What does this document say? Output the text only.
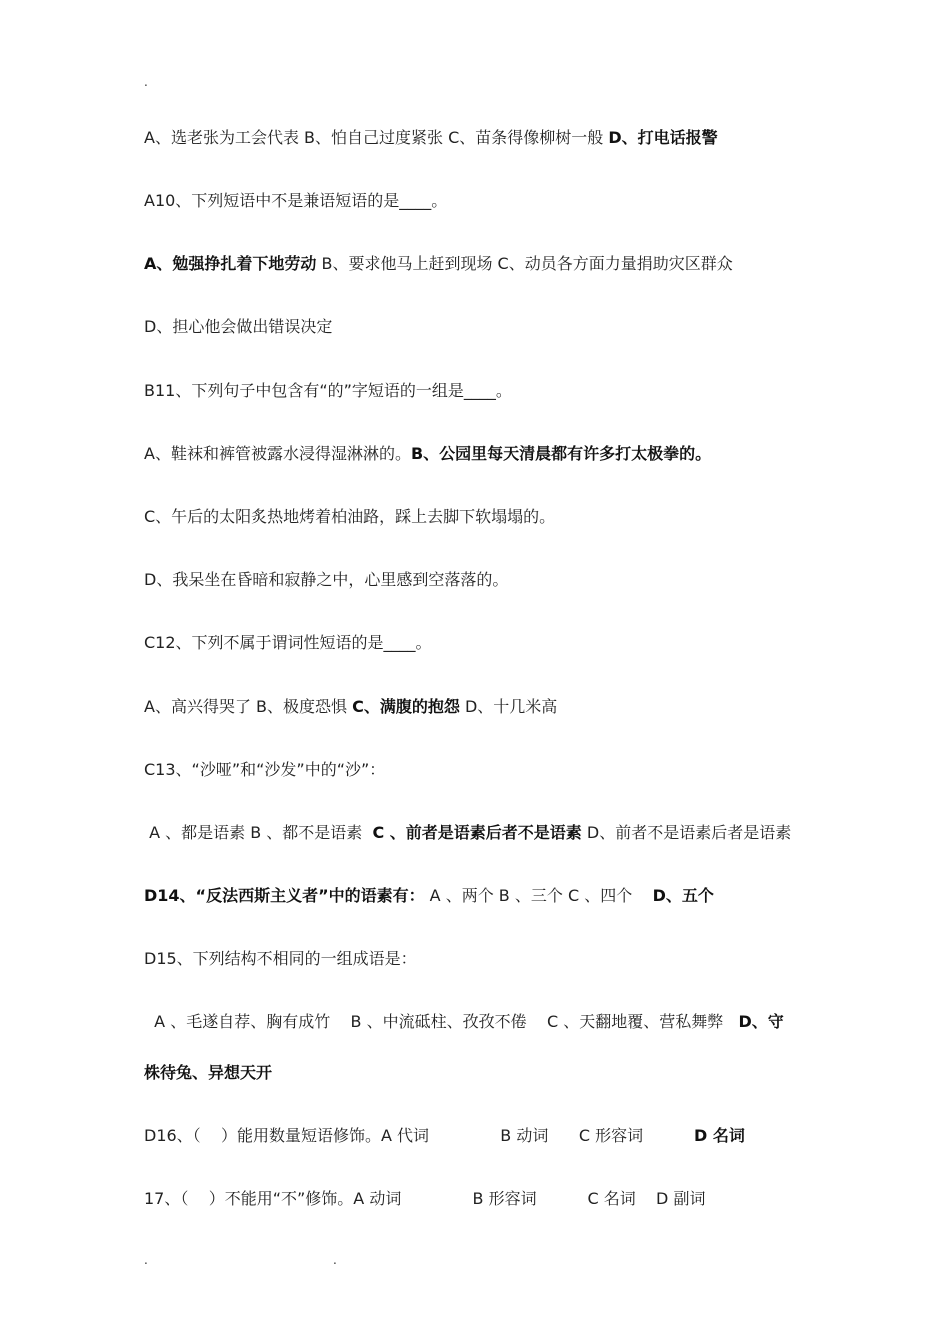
.
A、选老张为工会代表 B、怕自己过度紧张 C、苗条得像柳树一般 D、打电话报警
A10、下列短语中不是兼语短语的是____。
A、勉强挣扎着下地劳动 B、要求他马上赶到现场 C、动员各方面力量捐助灾区群众
D、担心他会做出错误决定
B11、下列句子中包含有“的”字短语的一组是____。
A、鞋袜和裤管被露水浸得湿淋淋的。B、公园里每天清晨都有许多打太极拳的。
C、午后的太阳炙热地烤着柏油路，踩上去脚下软塌塌的。
D、我呆坐在昏暗和寂静之中，心里感到空落落的。
C12、下列不属于谓词性短语的是____。
A、高兴得哭了 B、极度恐惧 C、满腹的抱怨 D、十几米高
C13、“沙哑”和“沙发”中的“沙”：
A 、都是语素 B 、都不是语素  C 、前者是语素后者不是语素 D、前者不是语素后者是语素
D14、“反法西斯主义者”中的语素有： A 、两个 B 、三个 C 、四个    D、五个
D15、下列结构不相同的一组成语是：
A 、毛遂自荐、胸有成竹    B 、中流砥柱、孜孜不倦    C 、天翻地覆、营私舞弊   D、守
株待兔、异想天开
D16、（    ）能用数量短语修饰。A 代词              B 动词      C 形容词          D 名词
17、（    ）不能用“不”修饰。A 动词              B 形容词          C 名词    D 副词
.	.
